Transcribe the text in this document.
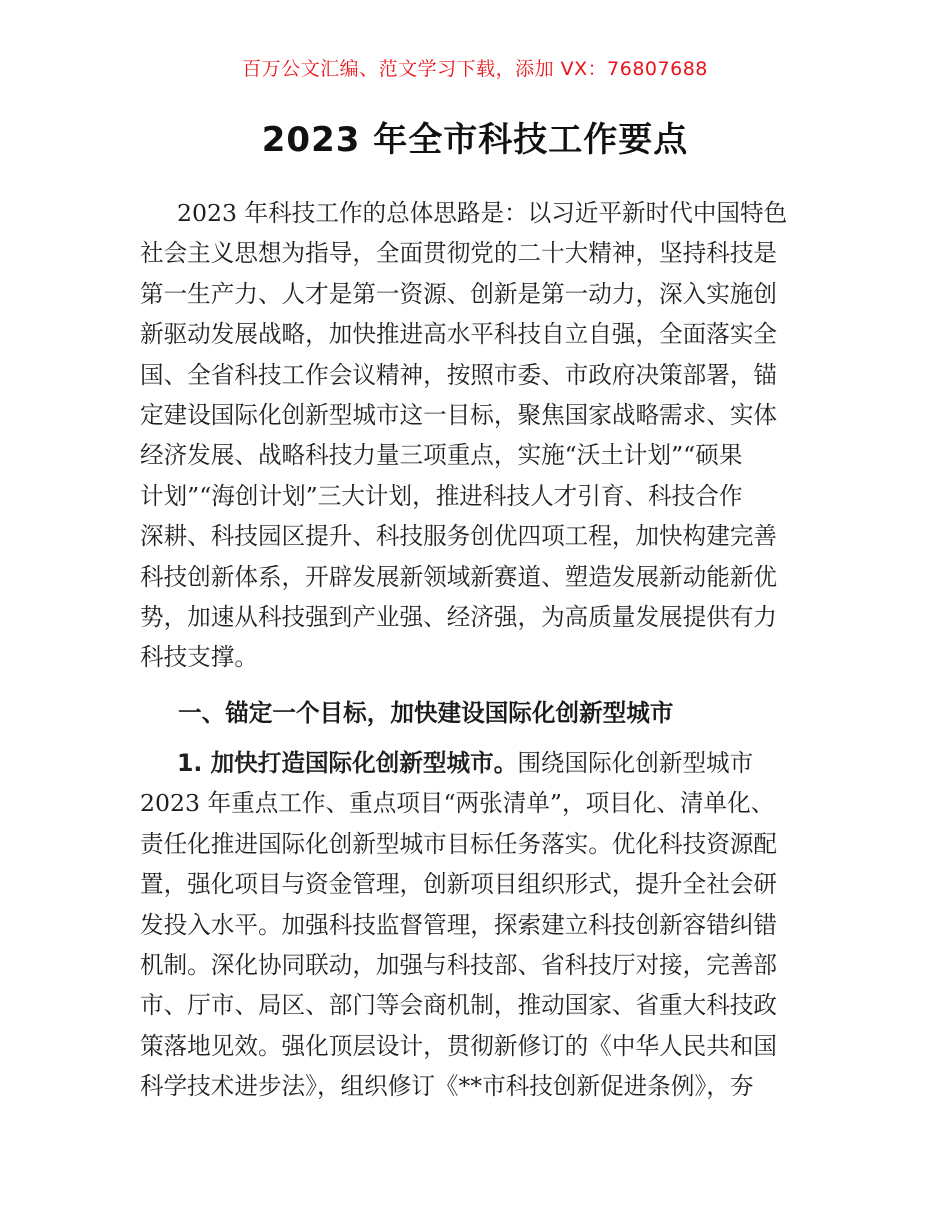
百万公文汇编、范文学习下载，添加 VX：76807688
2023 年全市科技工作要点
2023 年科技工作的总体思路是：以习近平新时代中国特色
社会主义思想为指导，全面贯彻党的二十大精神，坚持科技是
第一生产力、人才是第一资源、创新是第一动力，深入实施创
新驱动发展战略，加快推进高水平科技自立自强，全面落实全
国、全省科技工作会议精神，按照市委、市政府决策部署，锚
定建设国际化创新型城市这一目标，聚焦国家战略需求、实体
经济发展、战略科技力量三项重点，实施“沃土计划”“硕果
计划”“海创计划”三大计划，推进科技人才引育、科技合作
深耕、科技园区提升、科技服务创优四项工程，加快构建完善
科技创新体系，开辟发展新领域新赛道、塑造发展新动能新优
势，加速从科技强到产业强、经济强，为高质量发展提供有力
科技支撑。
一、锚定一个目标，加快建设国际化创新型城市
1. 加快打造国际化创新型城市。围绕国际化创新型城市
2023 年重点工作、重点项目“两张清单”，项目化、清单化、
责任化推进国际化创新型城市目标任务落实。优化科技资源配
置，强化项目与资金管理，创新项目组织形式，提升全社会研
发投入水平。加强科技监督管理，探索建立科技创新容错纠错
机制。深化协同联动，加强与科技部、省科技厅对接，完善部
市、厅市、局区、部门等会商机制，推动国家、省重大科技政
策落地见效。强化顶层设计，贯彻新修订的《中华人民共和国
科学技术进步法》，组织修订《**市科技创新促进条例》，夯
